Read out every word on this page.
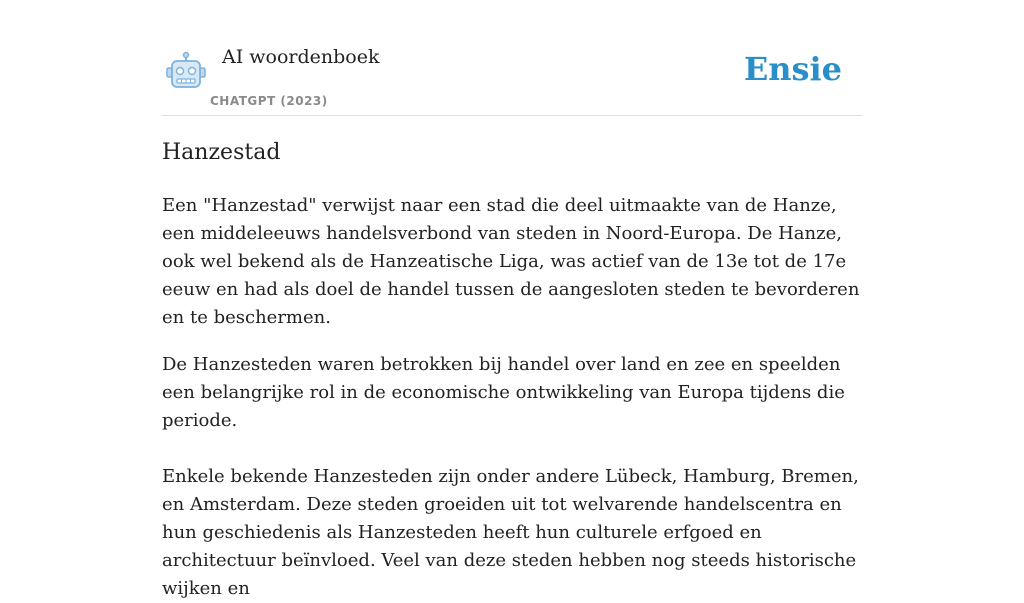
AI woordenboek
CHATGPT (2023)
Ensie
Hanzestad

Een "Hanzestad" verwijst naar een stad die deel uitmaakte van de Hanze, een middeleeuws handelsverbond van steden in Noord-Europa. De Hanze, ook wel bekend als de Hanzeatische Liga, was actief van de 13e tot de 17e eeuw en had als doel de handel tussen de aangesloten steden te bevorderen en te beschermen.

De Hanzesteden waren betrokken bij handel over land en zee en speelden een belangrijke rol in de economische ontwikkeling van Europa tijdens die periode.

Enkele bekende Hanzesteden zijn onder andere Lübeck, Hamburg, Bremen, en Amsterdam. Deze steden groeiden uit tot welvarende handelscentra en hun geschiedenis als Hanzesteden heeft hun culturele erfgoed en architectuur beïnvloed. Veel van deze steden hebben nog steeds historische wijken en
